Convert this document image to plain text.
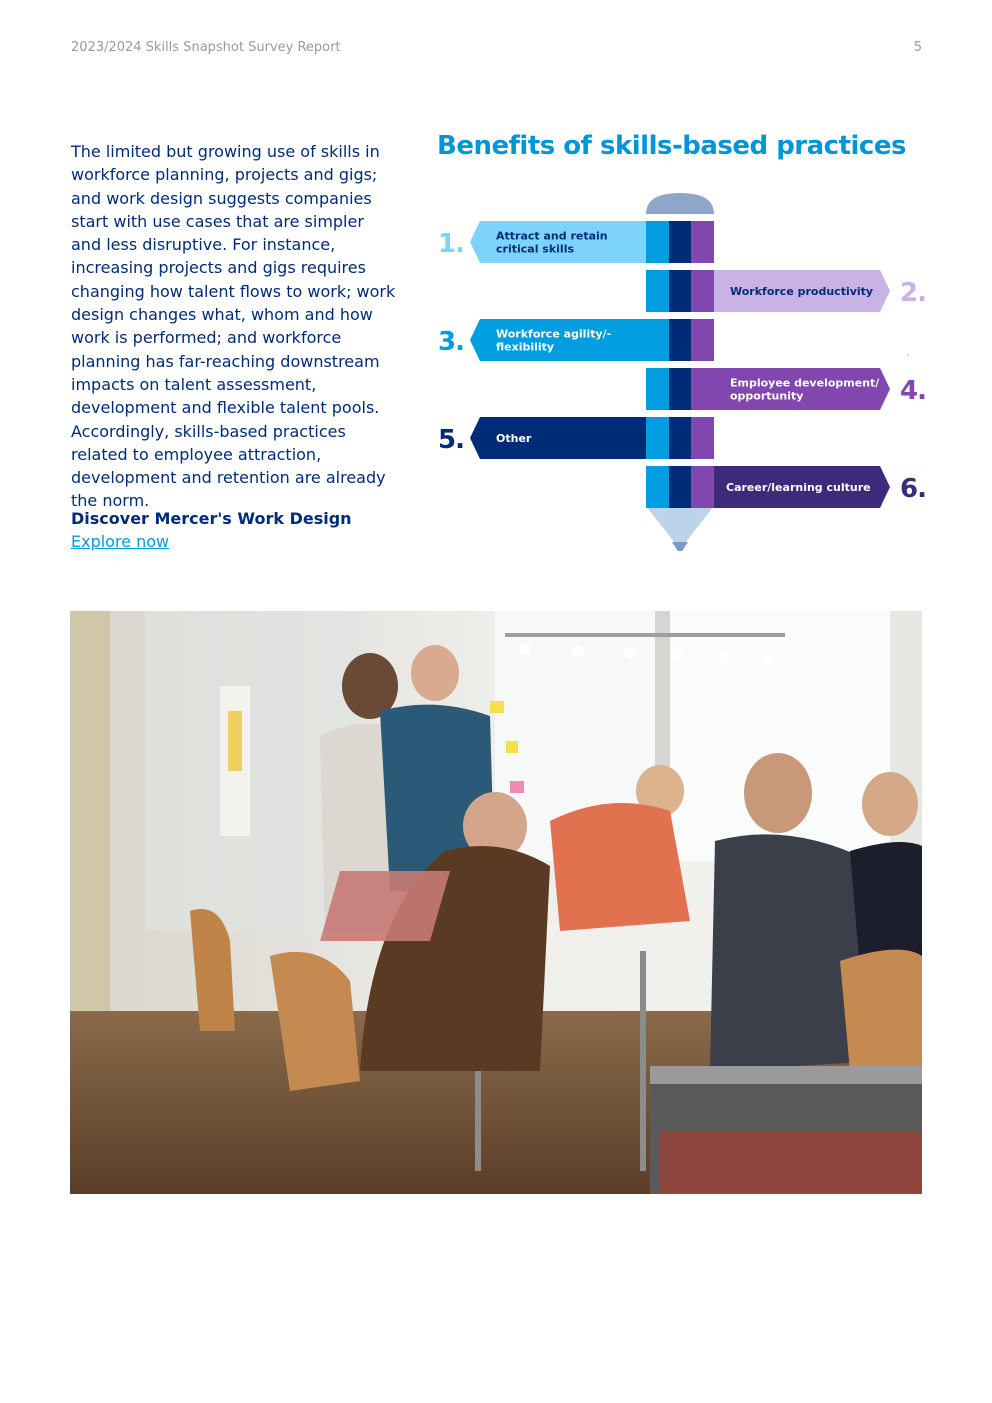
2023/2024 Skills Snapshot Survey Report	5

The limited but growing use of skills in workforce planning, projects and gigs; and work design suggests companies start with use cases that are simpler and less disruptive. For instance, increasing projects and gigs requires changing how talent flows to work; work design changes what, whom and how work is performed; and workforce planning has far-reaching downstream impacts on talent assessment, development and flexible talent pools. Accordingly, skills-based practices related to employee attraction, development and retention are already the norm.

Discover Mercer's Work Design
Explore now
Benefits of skills-based practices
Attract and retain
critical skills
1.
Workforce productivity 2.
Workforce agility/-
flexibility
3.
Employee development/
opportunity	4.
Other
5.
Career/learning culture 6.
